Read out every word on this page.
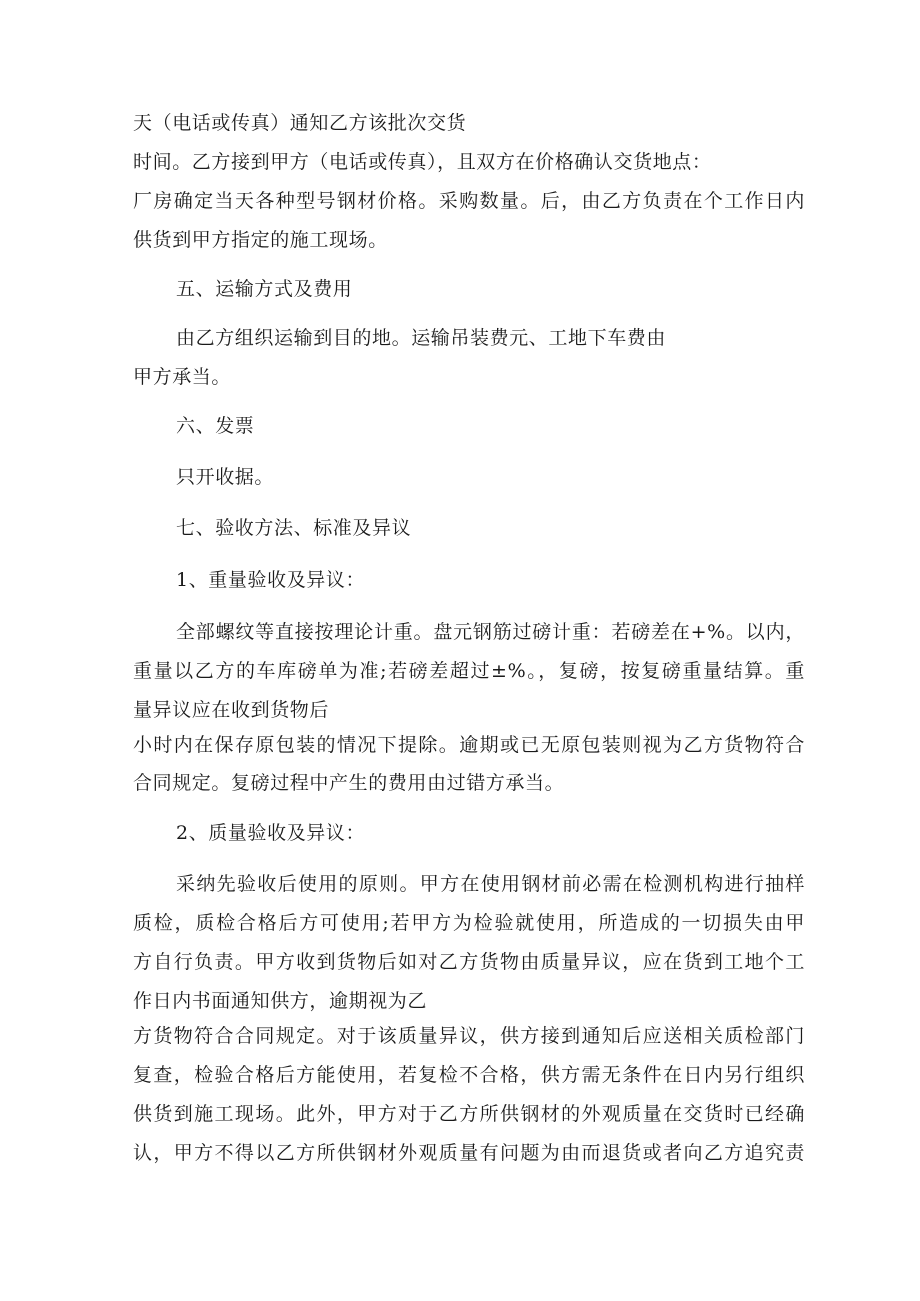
天（电话或传真）通知乙方该批次交货
时间。乙方接到甲方（电话或传真），且双方在价格确认交货地点：
厂房确定当天各种型号钢材价格。采购数量。后，由乙方负责在个工作日内
供货到甲方指定的施工现场。
五、运输方式及费用
由乙方组织运输到目的地。运输吊装费元、工地下车费由
甲方承当。
六、发票
只开收据。
七、验收方法、标准及异议
1、重量验收及异议：
全部螺纹等直接按理论计重。盘元钢筋过磅计重：若磅差在+%。以内，
重量以乙方的车库磅单为准;若磅差超过±%。，复磅，按复磅重量结算。重
量异议应在收到货物后
小时内在保存原包装的情况下提除。逾期或已无原包装则视为乙方货物符合
合同规定。复磅过程中产生的费用由过错方承当。
2、质量验收及异议：
采纳先验收后使用的原则。甲方在使用钢材前必需在检测机构进行抽样
质检，质检合格后方可使用;若甲方为检验就使用，所造成的一切损失由甲
方自行负责。甲方收到货物后如对乙方货物由质量异议，应在货到工地个工
作日内书面通知供方，逾期视为乙
方货物符合合同规定。对于该质量异议，供方接到通知后应送相关质检部门
复查，检验合格后方能使用，若复检不合格，供方需无条件在日内另行组织
供货到施工现场。此外，甲方对于乙方所供钢材的外观质量在交货时已经确
认，甲方不得以乙方所供钢材外观质量有问题为由而退货或者向乙方追究责
